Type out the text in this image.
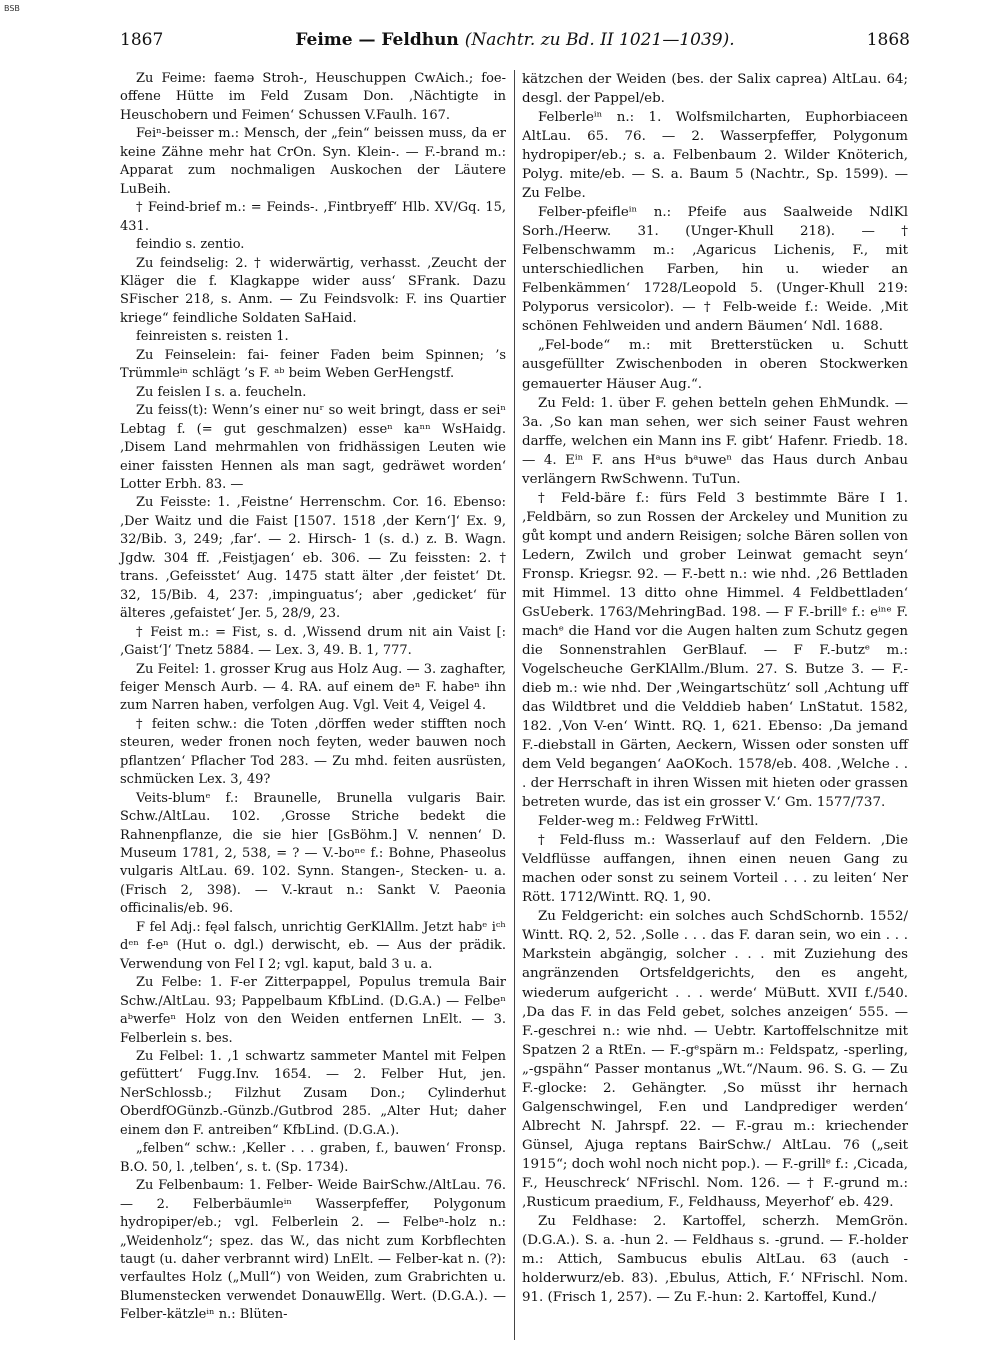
BSB
1867	Feime — Feldhun (Nachtr. zu Bd. II 1021—1039).	1868

Zu Feime: faemə Stroh-, Heuschuppen CwAich.; foe-offene Hütte im Feld Zusam Don. ‚Nächtigte in Heuschobern und Feimen‘ Schussen V.Faulh. 167.

Feiⁿ-beisser m.: Mensch, der „fein“ beissen muss, da er keine Zähne mehr hat CrOn. Syn. Klein-. — F.-brand m.: Apparat zum nochmaligen Auskochen der Läutere LuBeih.

† Feind-brief m.: = Feinds-. ‚Fintbryeff‘ Hlb. XV/Gq. 15, 431.

feindio s. zentio.

Zu feindselig: 2. † widerwärtig, verhasst. ‚Zeucht der Kläger die f. Klagkappe wider auss‘ SFrank. Dazu SFischer 218, s. Anm. — Zu Feindsvolk: F. ins Quartier kriege“ feindliche Soldaten SaHaid.

feinreisten s. reisten 1.

Zu Feinselein: fai- feiner Faden beim Spinnen; ’s Trümmleⁱⁿ schlägt ’s F. ᵃᵇ beim Weben GerHengstf.

Zu feislen I s. a. feucheln.

Zu feiss(t): Wenn’s einer nuʳ so weit bringt, dass er seiⁿ Lebtag f. (= gut geschmalzen) esseⁿ kaⁿⁿ WsHaidg. ‚Disem Land mehrmahlen von fridhässigen Leuten wie einer faissten Hennen als man sagt, gedräwet worden‘ Lotter Erbh. 83. —

Zu Feisste: 1. ‚Feistne‘ Herrenschm. Cor. 16. Ebenso: ‚Der Waitz und die Faist [1507. 1518 ‚der Kern‘]‘ Ex. 9, 32/Bib. 3, 249; ‚far‘. — 2. Hirsch- 1 (s. d.) z. B. Wagn. Jgdw. 304 ff. ‚Feistjagen‘ eb. 306. — Zu feissten: 2. † trans. ‚Gefeisstet‘ Aug. 1475 statt älter ‚der feistet‘ Dt. 32, 15/Bib. 4, 237: ‚impinguatus‘; aber ‚gedicket‘ für älteres ‚gefaistet‘ Jer. 5, 28/9, 23.

† Feist m.: = Fist, s. d. ‚Wissend drum nit ain Vaist [: ‚Gaist‘]‘ Tnetz 5884. — Lex. 3, 49. B. 1, 777.

Zu Feitel: 1. grosser Krug aus Holz Aug. — 3. zaghafter, feiger Mensch Aurb. — 4. RA. auf einem deⁿ F. habeⁿ ihn zum Narren haben, verfolgen Aug. Vgl. Veit 4, Veigel 4.

† feiten schw.: die Toten ‚dörffen weder stifften noch steuren, weder fronen noch feyten, weder bauwen noch pflantzen‘ Pflacher Tod 283. — Zu mhd. feiten ausrüsten, schmücken Lex. 3, 49?

Veits-blumᵉ f.: Braunelle, Brunella vulgaris Bair. Schw./AltLau. 102. ‚Grosse Striche bedekt die Rahnenpflanze, die sie hier [GsBöhm.] V. nennen‘ D. Museum 1781, 2, 538, = ? — V.-boⁿᵉ f.: Bohne, Phaseolus vulgaris AltLau. 69. 102. Synn. Stangen-, Stecken- u. a. (Frisch 2, 398). — V.-kraut n.: Sankt V. Paeonia officinalis/eb. 96.

F fel Adj.: fęəl falsch, unrichtig GerKlAllm. Jetzt habᵉ iᶜʰ dᵉⁿ f-eⁿ (Hut o. dgl.) derwischt, eb. — Aus der prädik. Verwendung von Fel I 2; vgl. kaput, bald 3 u. a.

Zu Felbe: 1. F-er Zitterpappel, Populus tremula Bair Schw./AltLau. 93; Pappelbaum KfbLind. (D.G.A.) — Felbeⁿ aᵇwerfeⁿ Holz von den Weiden entfernen LnElt. — 3. Felberlein s. bes.

Zu Felbel: 1. ‚1 schwartz sammeter Mantel mit Felpen gefüttert‘ Fugg.Inv. 1654. — 2. Felber Hut, jen. NerSchlossb.; Filzhut Zusam Don.; Cylinderhut OberdfOGünzb.-Günzb./Gutbrod 285. „Alter Hut; daher einem dən F. antreiben“ KfbLind. (D.G.A.).

„felben“ schw.: ‚Keller . . . graben, f., bauwen‘ Fronsp. B.O. 50, l. ‚telben‘, s. t. (Sp. 1734).

Zu Felbenbaum: 1. Felber- Weide BairSchw./AltLau. 76. — 2. Felberbäumleⁱⁿ Wasserpfeffer, Polygonum hydropiper/eb.; vgl. Felberlein 2. — Felbeⁿ-holz n.: „Weidenholz“; spez. das W., das nicht zum Korbflechten taugt (u. daher verbrannt wird) LnElt. — Felber-kat n. (?): verfaultes Holz („Mull“) von Weiden, zum Grabrichten u. Blumenstecken verwendet DonauwEllg. Wert. (D.G.A.). — Felber-kätzleⁱⁿ n.: Blüten-

kätzchen der Weiden (bes. der Salix caprea) AltLau. 64; desgl. der Pappel/eb.

Felberleⁱⁿ n.: 1. Wolfsmilcharten, Euphorbiaceen AltLau. 65. 76. — 2. Wasserpfeffer, Polygonum hydropiper/eb.; s. a. Felbenbaum 2. Wilder Knöterich, Polyg. mite/eb. — S. a. Baum 5 (Nachtr., Sp. 1599). — Zu Felbe.

Felber-pfeifleⁱⁿ n.: Pfeife aus Saalweide NdlKl Sorh./Heerw. 31. (Unger-Khull 218). — † Felbenschwamm m.: ‚Agaricus Lichenis, F., mit unterschiedlichen Farben, hin u. wieder an Felbenkämmen‘ 1728/Leopold 5. (Unger-Khull 219: Polyporus versicolor). — † Felb-weide f.: Weide. ‚Mit schönen Fehlweiden und andern Bäumen‘ Ndl. 1688.

„Fel-bode“ m.: mit Bretterstücken u. Schutt ausgefüllter Zwischenboden in oberen Stockwerken gemauerter Häuser Aug.“.

Zu Feld: 1. über F. gehen betteln gehen EhMundk. — 3a. ‚So kan man sehen, wer sich seiner Faust wehren darffe, welchen ein Mann ins F. gibt‘ Hafenr. Friedb. 18. — 4. Eⁱⁿ F. ans Hᵃus bᵃuweⁿ das Haus durch Anbau verlängern RwSchwenn. TuTun.

† Feld-bäre f.: fürs Feld 3 bestimmte Bäre I 1. ‚Feldbärn, so zun Rossen der Arckeley und Munition zu gůt kompt und andern Reisigen; solche Bären sollen von Ledern, Zwilch und grober Leinwat gemacht seyn‘ Fronsp. Kriegsr. 92. — F.-bett n.: wie nhd. ‚26 Bettladen mit Himmel. 13 ditto ohne Himmel. 4 Feldbettladen‘ GsUeberk. 1763/MehringBad. 198. — F F.-brillᵉ f.: eⁱⁿᵉ F. machᵉ die Hand vor die Augen halten zum Schutz gegen die Sonnenstrahlen GerBlauf. — F F.-butzᵉ m.: Vogelscheuche GerKlAllm./Blum. 27. S. Butze 3. — F.-dieb m.: wie nhd. Der ‚Weingartschütz‘ soll ‚Achtung uff das Wildtbret und die Velddieb haben‘ LnStatut. 1582, 182. ‚Von V-en‘ Wintt. RQ. 1, 621. Ebenso: ‚Da jemand F.-diebstall in Gärten, Aeckern, Wissen oder sonsten uff dem Veld begangen‘ AaOKoch. 1578/eb. 408. ‚Welche . . . der Herrschaft in ihren Wissen mit hieten oder grassen betreten wurde, das ist ein grosser V.‘ Gm. 1577/737.

Felder-weg m.: Feldweg FrWittl.

† Feld-fluss m.: Wasserlauf auf den Feldern. ‚Die Veldflüsse auffangen, ihnen einen neuen Gang zu machen oder sonst zu seinem Vorteil . . . zu leiten‘ Ner Rött. 1712/Wintt. RQ. 1, 90.

Zu Feldgericht: ein solches auch SchdSchornb. 1552/ Wintt. RQ. 2, 52. ‚Solle . . . das F. daran sein, wo ein . . . Markstein abgängig, solcher . . . mit Zuziehung des angränzenden Ortsfeldgerichts, den es angeht, wiederum aufgericht . . . werde‘ MüButt. XVII f./540. ‚Da das F. in das Feld gebet, solches anzeigen‘ 555. — F.-geschrei n.: wie nhd. — Uebtr. Kartoffelschnitze mit Spatzen 2 a RtEn. — F.-gᵉspärn m.: Feldspatz, -sperling, „-gspähn“ Passer montanus „Wt.“/Naum. 96. S. G. — Zu F.-glocke: 2. Gehängter. ‚So müsst ihr hernach Galgenschwingel, F.en und Landprediger werden‘ Albrecht N. Jahrspf. 22. — F.-grau m.: kriechender Günsel, Ajuga reptans BairSchw./ AltLau. 76 („seit 1915“; doch wohl noch nicht pop.). — F.-grillᵉ f.: ‚Cicada, F., Heuschreck‘ NFrischl. Nom. 126. — † F.-grund m.: ‚Rusticum praedium, F., Feldhauss, Meyerhof‘ eb. 429.

Zu Feldhase: 2. Kartoffel, scherzh. MemGrön. (D.G.A.). S. a. -hun 2. — Feldhaus s. -grund. — F.-holder m.: Attich, Sambucus ebulis AltLau. 63 (auch -holderwurz/eb. 83). ‚Ebulus, Attich, F.‘ NFrischl. Nom. 91. (Frisch 1, 257). — Zu F.-hun: 2. Kartoffel, Kund./
